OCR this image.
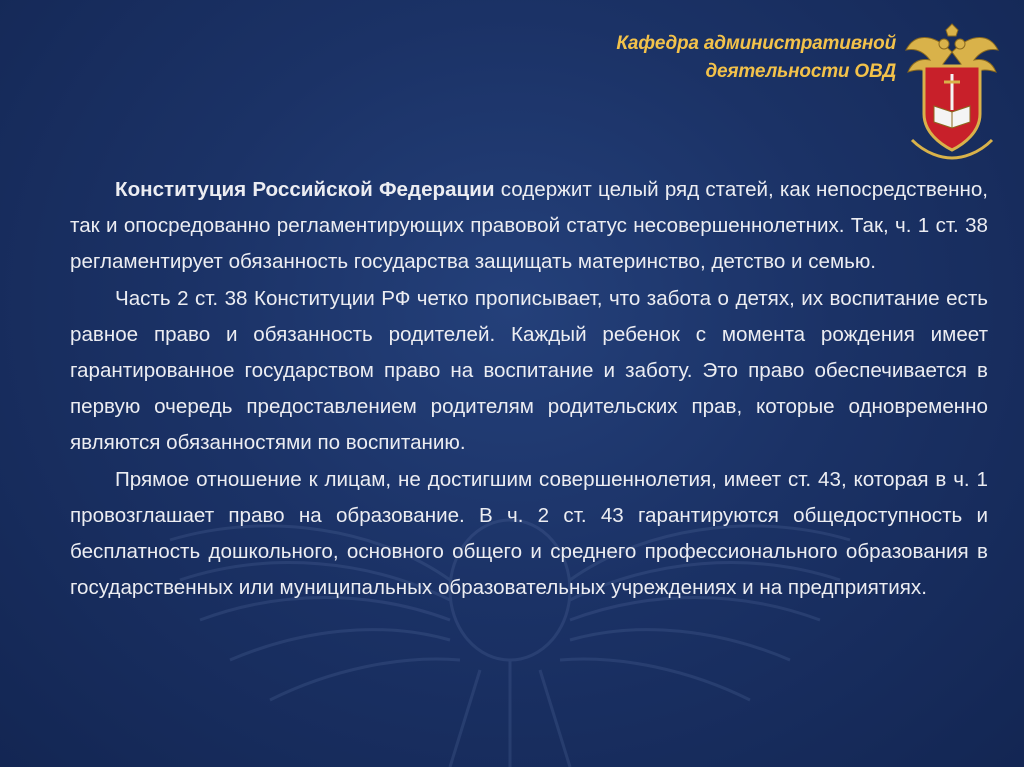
Кафедра административной
деятельности ОВД

Конституция Российской Федерации содержит целый ряд статей, как непосредственно, так и опосредованно регламентирующих правовой статус несовершеннолетних. Так, ч. 1 ст. 38 регламентирует обязанность государства защищать материнство, детство и семью.

Часть 2 ст. 38 Конституции РФ четко прописывает, что забота о детях, их воспитание есть равное право и обязанность родителей. Каждый ребенок с момента рождения имеет гарантированное государством право на воспитание и заботу. Это право обеспечивается в первую очередь предоставлением родителям родительских прав, которые одновременно являются обязанностями по воспитанию.

Прямое отношение к лицам, не достигшим совершеннолетия, имеет ст. 43, которая в ч. 1 провозглашает право на образование. В ч. 2 ст. 43 гарантируются общедоступность и бесплатность дошкольного, основного общего и среднего профессионального образования в государственных или муниципальных образовательных учреждениях и на предприятиях.
